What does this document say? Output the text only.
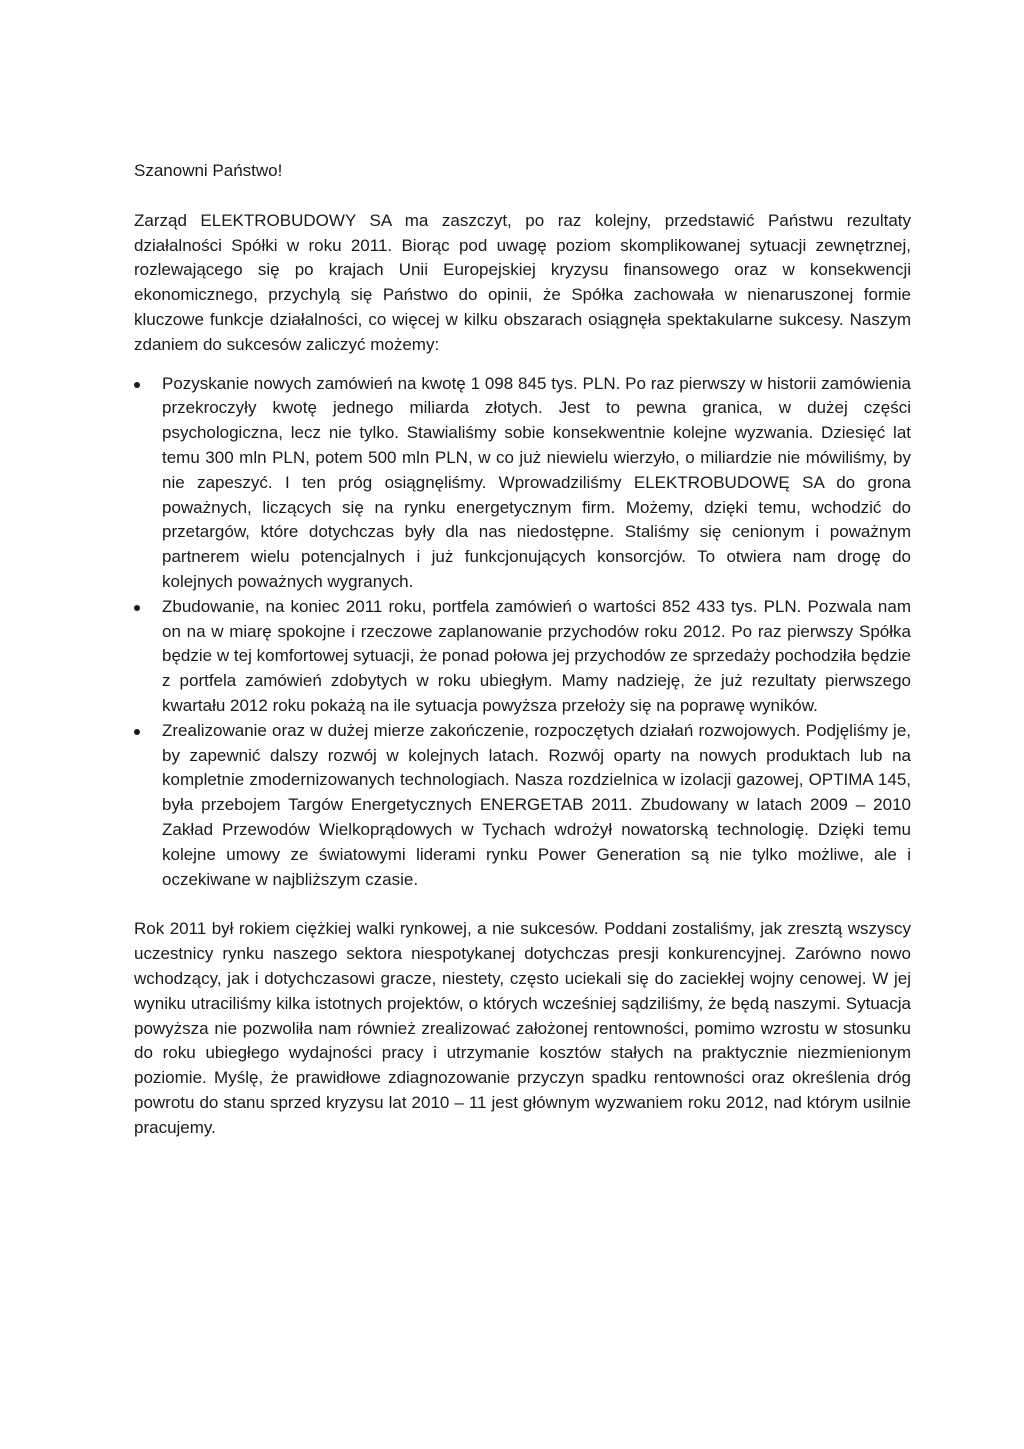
Szanowni Państwo!

Zarząd ELEKTROBUDOWY SA ma zaszczyt, po raz kolejny, przedstawić Państwu rezultaty działalności Spółki w roku 2011. Biorąc pod uwagę poziom skomplikowanej sytuacji zewnętrznej, rozlewającego się po krajach Unii Europejskiej kryzysu finansowego oraz w konsekwencji ekonomicznego, przychylą się Państwo do opinii, że Spółka zachowała w nienaruszonej formie kluczowe funkcje działalności, co więcej w kilku obszarach osiągnęła spektakularne sukcesy. Naszym zdaniem do sukcesów zaliczyć możemy:

Pozyskanie nowych zamówień na kwotę 1 098 845 tys. PLN. Po raz pierwszy w historii zamówienia przekroczyły kwotę jednego miliarda złotych. Jest to pewna granica, w dużej części psychologiczna, lecz nie tylko. Stawialiśmy sobie konsekwentnie kolejne wyzwania. Dziesięć lat temu 300 mln PLN, potem 500 mln PLN, w co już niewielu wierzyło, o miliardzie nie mówiliśmy, by nie zapeszyć. I ten próg osiągnęliśmy. Wprowadziliśmy ELEKTROBUDOWĘ SA do grona poważnych, liczących się na rynku energetycznym firm. Możemy, dzięki temu, wchodzić do przetargów, które dotychczas były dla nas niedostępne. Staliśmy się cenionym i poważnym partnerem wielu potencjalnych i już funkcjonujących konsorcjów. To otwiera nam drogę do kolejnych poważnych wygranych.
Zbudowanie, na koniec 2011 roku, portfela zamówień o wartości 852 433 tys. PLN. Pozwala nam on na w miarę spokojne i rzeczowe zaplanowanie przychodów roku 2012. Po raz pierwszy Spółka będzie w tej komfortowej sytuacji, że ponad połowa jej przychodów ze sprzedaży pochodziła będzie z portfela zamówień zdobytych w roku ubiegłym. Mamy nadzieję, że już rezultaty pierwszego kwartału 2012 roku pokażą na ile sytuacja powyższa przełoży się na poprawę wyników.
Zrealizowanie oraz w dużej mierze zakończenie, rozpoczętych działań rozwojowych. Podjęliśmy je, by zapewnić dalszy rozwój w kolejnych latach. Rozwój oparty na nowych produktach lub na kompletnie zmodernizowanych technologiach. Nasza rozdzielnica w izolacji gazowej, OPTIMA 145, była przebojem Targów Energetycznych ENERGETAB 2011. Zbudowany w latach 2009 – 2010 Zakład Przewodów Wielkoprądowych w Tychach wdrożył nowatorską technologię. Dzięki temu kolejne umowy ze światowymi liderami rynku Power Generation są nie tylko możliwe, ale i oczekiwane w najbliższym czasie.

Rok 2011 był rokiem ciężkiej walki rynkowej, a nie sukcesów. Poddani zostaliśmy, jak zresztą wszyscy uczestnicy rynku naszego sektora niespotykanej dotychczas presji konkurencyjnej. Zarówno nowo wchodzący, jak i dotychczasowi gracze, niestety, często uciekali się do zaciekłej wojny cenowej. W jej wyniku utraciliśmy kilka istotnych projektów, o których wcześniej sądziliśmy, że będą naszymi. Sytuacja powyższa nie pozwoliła nam również zrealizować założonej rentowności, pomimo wzrostu w stosunku do roku ubiegłego wydajności pracy i utrzymanie kosztów stałych na praktycznie niezmienionym poziomie. Myślę, że prawidłowe zdiagnozowanie przyczyn spadku rentowności oraz określenia dróg powrotu do stanu sprzed kryzysu lat 2010 – 11 jest głównym wyzwaniem roku 2012, nad którym usilnie pracujemy.
